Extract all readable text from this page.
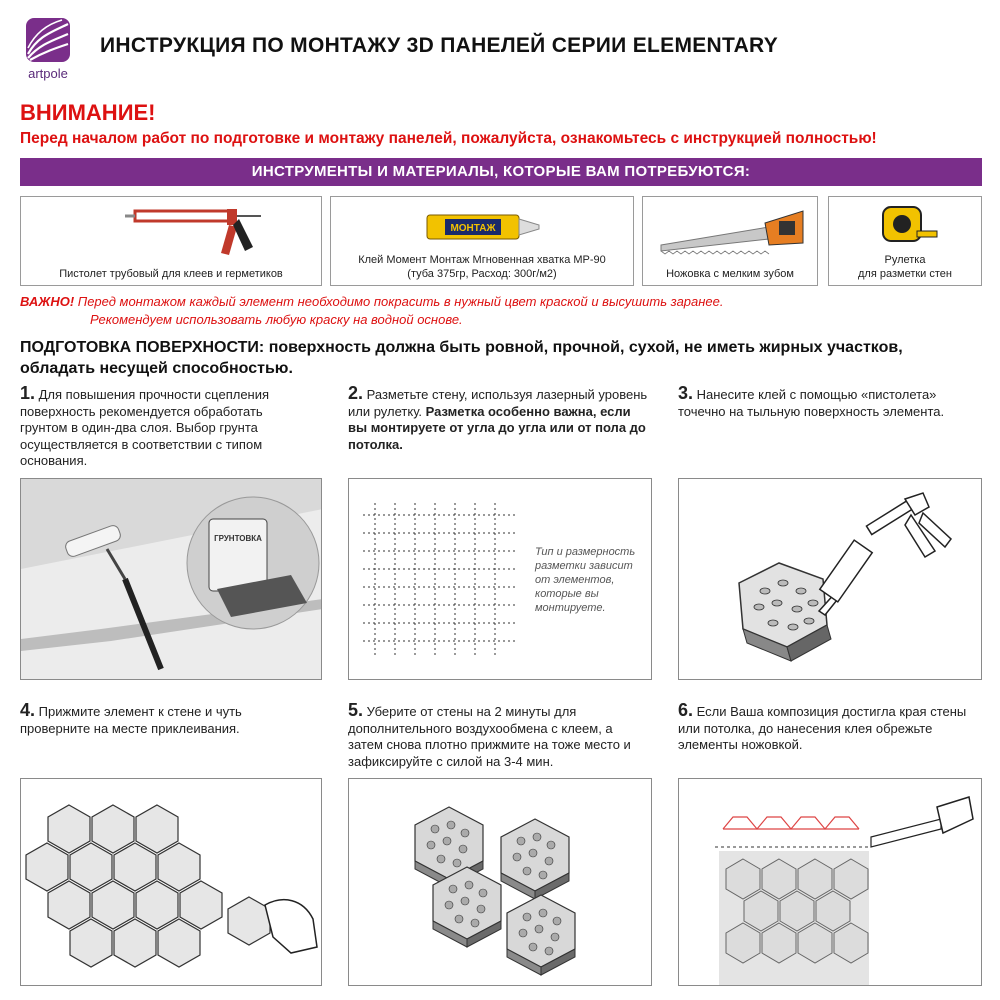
artpole
ИНСТРУКЦИЯ ПО МОНТАЖУ 3D ПАНЕЛЕЙ СЕРИИ ELEMENTARY
ВНИМАНИЕ!
Перед началом работ по подготовке и монтажу панелей, пожалуйста, ознакомьтесь с инструкцией полностью!
ИНСТРУМЕНТЫ И МАТЕРИАЛЫ, КОТОРЫЕ ВАМ ПОТРЕБУЮТСЯ:
Пистолет трубовый для клеев и герметиков
МОНТАЖ
Клей Момент Монтаж Мгновенная хватка MP-90
(туба 375гр, Расход: 300г/м2)	Ножовка с мелким зубом
Рулетка
для разметки стен
ВАЖНО! Перед монтажом каждый элемент необходимо покрасить в нужный цвет краской и высушить заранее.
Рекомендуем использовать любую краску на водной основе.
ПОДГОТОВКА ПОВЕРХНОСТИ: поверхность должна быть ровной, прочной, сухой, не иметь жирных участков, обладать несущей способностью.
1. Для повышения прочности сцепления поверхность рекомендуется обработать грунтом в один-два слоя. Выбор грунта осуществляется в соответствии с типом основания.
2. Разметьте стену, используя лазерный уровень или рулетку. Разметка особенно важна, если вы монтируете от угла до угла или от пола до потолка.
3. Нанесите клей с помощью «пистолета» точечно на тыльную поверхность элемента.
ГРУНТОВКА
Тип и размерность разметки зависит от элементов, которые вы монтируете.
4. Прижмите элемент к стене и чуть проверните на месте приклеивания.
5. Уберите от стены на 2 минуты для дополнительного воздухообмена с клеем, а затем снова плотно прижмите на тоже место и зафиксируйте с силой на 3-4 мин.
6. Если Ваша композиция достигла края стены или потолка, до нанесения клея обрежьте элементы ножовкой.
